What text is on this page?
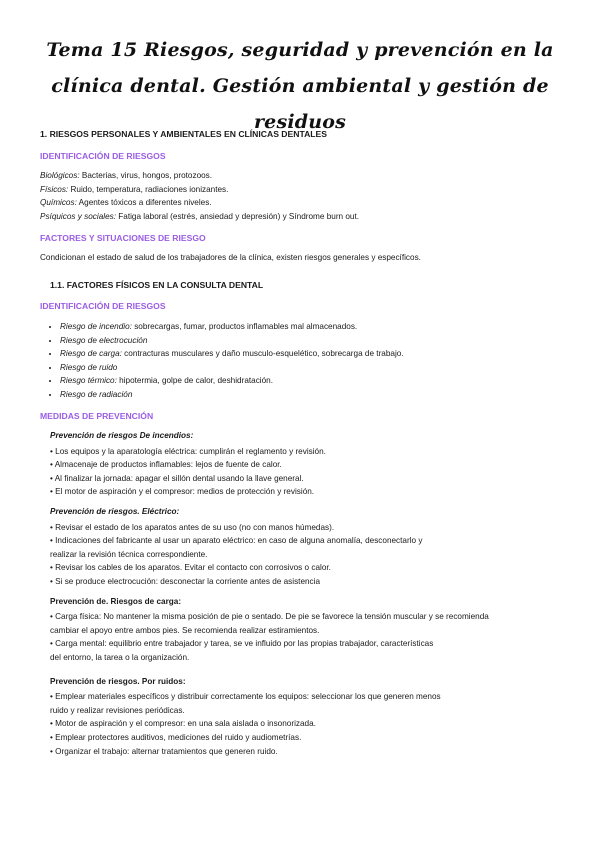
Tema 15 Riesgos, seguridad y prevención en la clínica dental. Gestión ambiental y gestión de residuos
1. RIESGOS PERSONALES Y AMBIENTALES EN CLÍNICAS DENTALES
IDENTIFICACIÓN DE RIESGOS
Biológicos: Bacterias, virus, hongos, protozoos.
Físicos: Ruido, temperatura, radiaciones ionizantes.
Químicos: Agentes tóxicos a diferentes niveles.
Psíquicos y sociales: Fatiga laboral (estrés, ansiedad y depresión) y Síndrome burn out.
FACTORES Y SITUACIONES DE RIESGO
Condicionan el estado de salud de los trabajadores de la clínica, existen riesgos generales y específicos.
1.1. FACTORES FÍSICOS EN LA CONSULTA DENTAL
IDENTIFICACIÓN DE RIESGOS
• Riesgo de incendio: sobrecargas, fumar, productos inflamables mal almacenados.
• Riesgo de electrocución
• Riesgo de carga: contracturas musculares y daño musculo-esquelético, sobrecarga de trabajo.
• Riesgo de ruido
• Riesgo térmico: hipotermia, golpe de calor, deshidratación.
• Riesgo de radiación
MEDIDAS DE PREVENCIÓN
Prevención de riesgos De incendios:
• Los equipos y la aparatología eléctrica: cumplirán el reglamento y revisión.
• Almacenaje de productos inflamables: lejos de fuente de calor.
• Al finalizar la jornada: apagar el sillón dental usando la llave general.
• El motor de aspiración y el compresor: medios de protección y revisión.
Prevención de riesgos. Eléctrico:
• Revisar el estado de los aparatos antes de su uso (no con manos húmedas).
• Indicaciones del fabricante al usar un aparato eléctrico: en caso de alguna anomalía, desconectarlo y
realizar la revisión técnica correspondiente.
• Revisar los cables de los aparatos. Evitar el contacto con corrosivos o calor.
• Si se produce electrocución: desconectar la corriente antes de asistencia
Prevención de. Riesgos de carga:
• Carga física: No mantener la misma posición de pie o sentado. De pie se favorece la tensión muscular y se recomienda
cambiar el apoyo entre ambos pies. Se recomienda realizar estiramientos.
• Carga mental: equilibrio entre trabajador y tarea, se ve influido por las propias trabajador, características
del entorno, la tarea o la organización.
Prevención de riesgos. Por ruidos:
• Emplear materiales específicos y distribuir correctamente los equipos: seleccionar los que generen menos
ruido y realizar revisiones periódicas.
• Motor de aspiración y el compresor: en una sala aislada o insonorizada.
• Emplear protectores auditivos, mediciones del ruido y audiometrías.
• Organizar el trabajo: alternar tratamientos que generen ruido.
